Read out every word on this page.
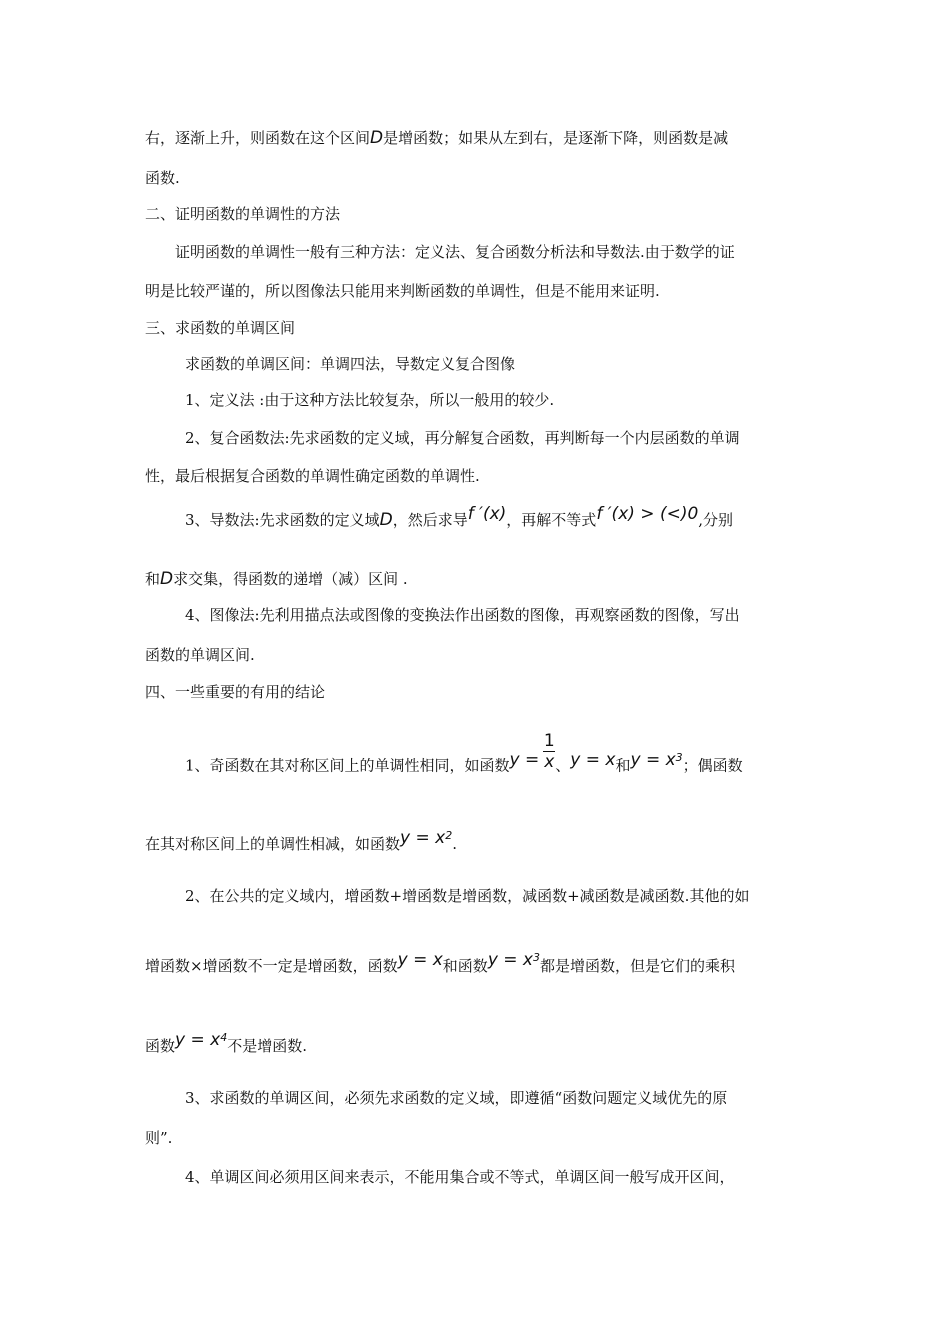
右，逐渐上升，则函数在这个区间D是增函数；如果从左到右，是逐渐下降，则函数是减
函数.
二、证明函数的单调性的方法
证明函数的单调性一般有三种方法：定义法、复合函数分析法和导数法.由于数学的证
明是比较严谨的，所以图像法只能用来判断函数的单调性，但是不能用来证明.
三、求函数的单调区间
求函数的单调区间：单调四法，导数定义复合图像
1、定义法 :由于这种方法比较复杂，所以一般用的较少.
2、复合函数法:先求函数的定义域，再分解复合函数，再判断每一个内层函数的单调
性，最后根据复合函数的单调性确定函数的单调性.
3、导数法:先求函数的定义域D，然后求导f ′(x)，再解不等式f ′(x) > (<)0,分别
和D求交集，得函数的递增（减）区间 .
4、图像法:先利用描点法或图像的变换法作出函数的图像，再观察函数的图像，写出
函数的单调区间.
四、一些重要的有用的结论
1、奇函数在其对称区间上的单调性相同，如函数 $y = \frac{1}{x}$ 、y = x和$y = x^3$；偶函数
在其对称区间上的单调性相减，如函数$y = x^2$.
2、在公共的定义域内，增函数+增函数是增函数，减函数+减函数是减函数.其他的如
增函数×增函数不一定是增函数，函数y = x和函数$y = x^3$都是增函数，但是它们的乘积
函数$y = x^4$不是增函数.
3、求函数的单调区间，必须先求函数的定义域，即遵循“函数问题定义域优先的原
则”.
4、单调区间必须用区间来表示，不能用集合或不等式，单调区间一般写成开区间，
